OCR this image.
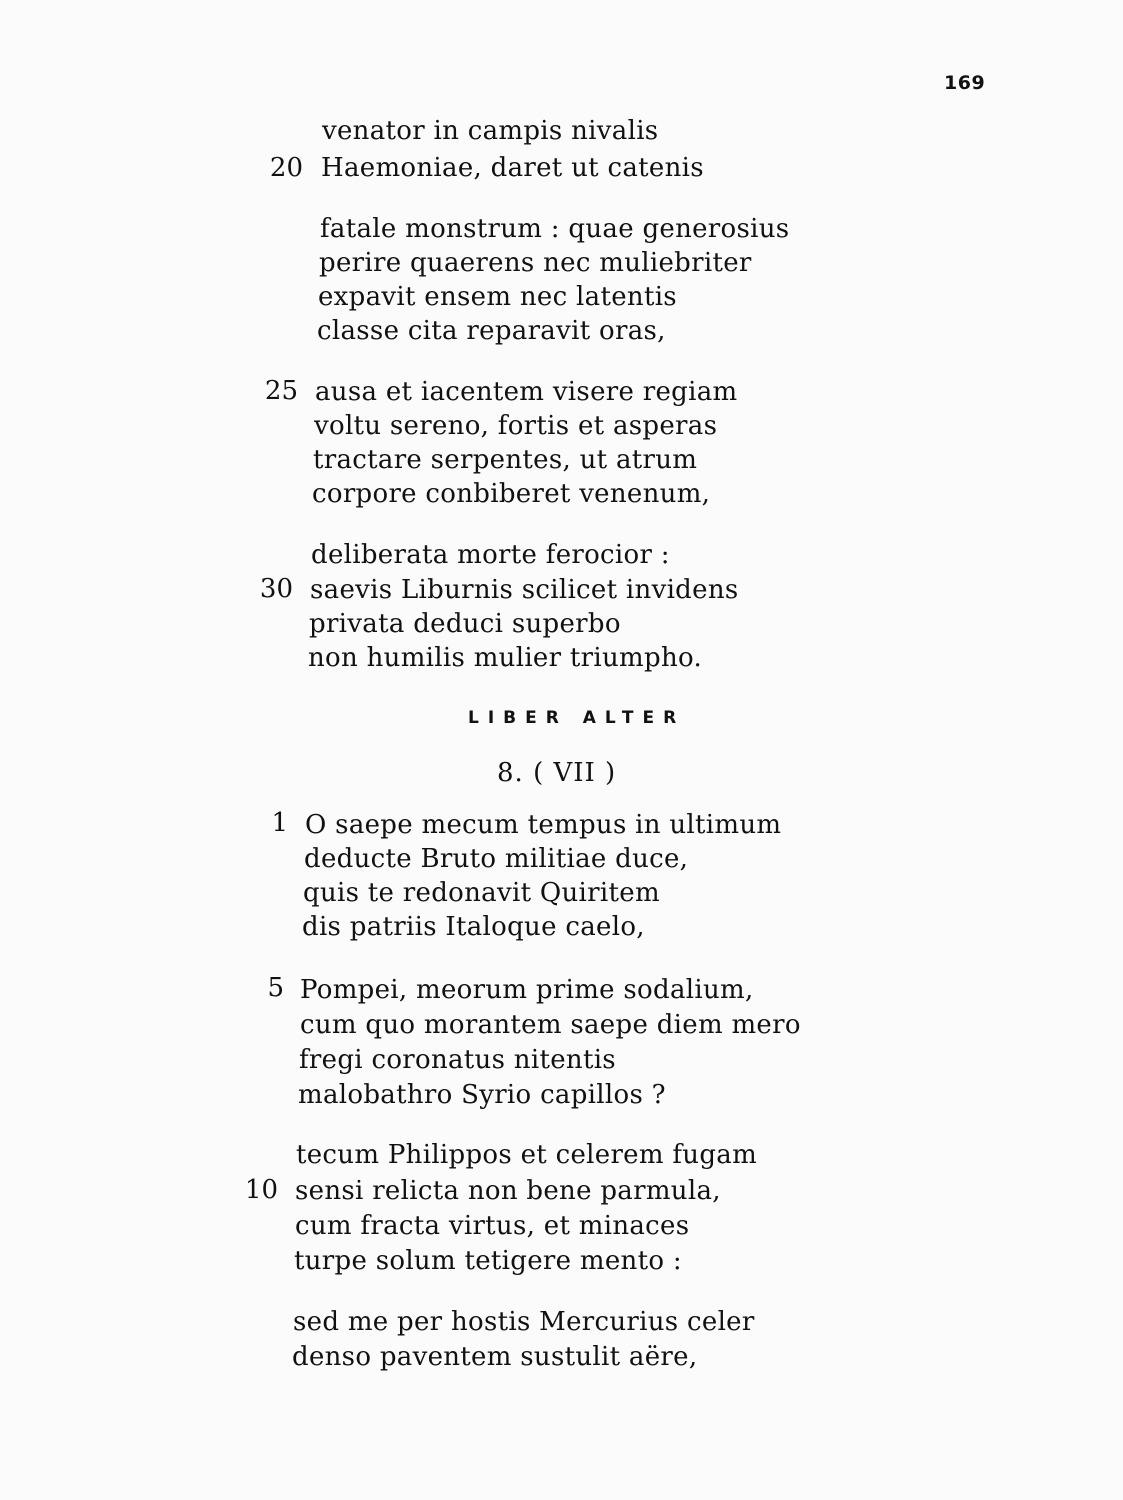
169
venator in campis nivalis
20 Haemoniae, daret ut catenis
fatale monstrum : quae generosius
perire quaerens nec muliebriter
expavit ensem nec latentis
classe cita reparavit oras,
25 ausa et iacentem visere regiam
voltu sereno, fortis et asperas
tractare serpentes, ut atrum
corpore conbiberet venenum,
deliberata morte ferocior :
30 saevis Liburnis scilicet invidens
privata deduci superbo
non humilis mulier triumpho.
LIBER ALTER
8. ( VII )
1 O saepe mecum tempus in ultimum
deducte Bruto militiae duce,
quis te redonavit Quiritem
dis patriis Italoque caelo,
5 Pompei, meorum prime sodalium,
cum quo morantem saepe diem mero
fregi coronatus nitentis
malobathro Syrio capillos ?
tecum Philippos et celerem fugam
10 sensi relicta non bene parmula,
cum fracta virtus, et minaces
turpe solum tetigere mento :
sed me per hostis Mercurius celer
denso paventem sustulit aëre,
